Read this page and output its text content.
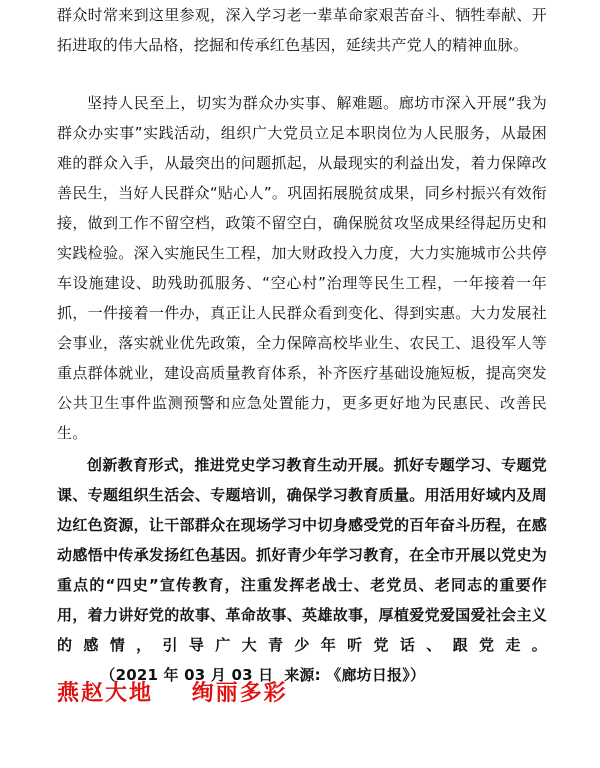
群众时常来到这里参观，深入学习老一辈革命家艰苦奋斗、牺牲奉献、开拓进取的伟大品格，挖掘和传承红色基因，延续共产党人的精神血脉。

坚持人民至上，切实为群众办实事、解难题。廊坊市深入开展“我为群众办实事”实践活动，组织广大党员立足本职岗位为人民服务，从最困难的群众入手，从最突出的问题抓起，从最现实的利益出发，着力保障改善民生，当好人民群众“贴心人”。巩固拓展脱贫成果，同乡村振兴有效衔接，做到工作不留空档，政策不留空白，确保脱贫攻坚成果经得起历史和实践检验。深入实施民生工程，加大财政投入力度，大力实施城市公共停车设施建设、助残助孤服务、“空心村”治理等民生工程，一年接着一年抓，一件接着一件办，真正让人民群众看到变化、得到实惠。大力发展社会事业，落实就业优先政策，全力保障高校毕业生、农民工、退役军人等重点群体就业，建设高质量教育体系，补齐医疗基础设施短板，提高突发公共卫生事件监测预警和应急处置能力，更多更好地为民惠民、改善民生。

创新教育形式，推进党史学习教育生动开展。抓好专题学习、专题党课、专题组织生活会、专题培训，确保学习教育质量。用活用好域内及周边红色资源，让干部群众在现场学习中切身感受党的百年奋斗历程，在感动感悟中传承发扬红色基因。抓好青少年学习教育，在全市开展以党史为重点的“四史”宣传教育，注重发挥老战士、老党员、老同志的重要作用，着力讲好党的故事、革命故事、英雄故事，厚植爱党爱国爱社会主义的感情，引导广大青少年听党话、跟党走。        （2021 年 03 月 03 日  来源: 《廊坊日报》）

燕赵大地    绚丽多彩
